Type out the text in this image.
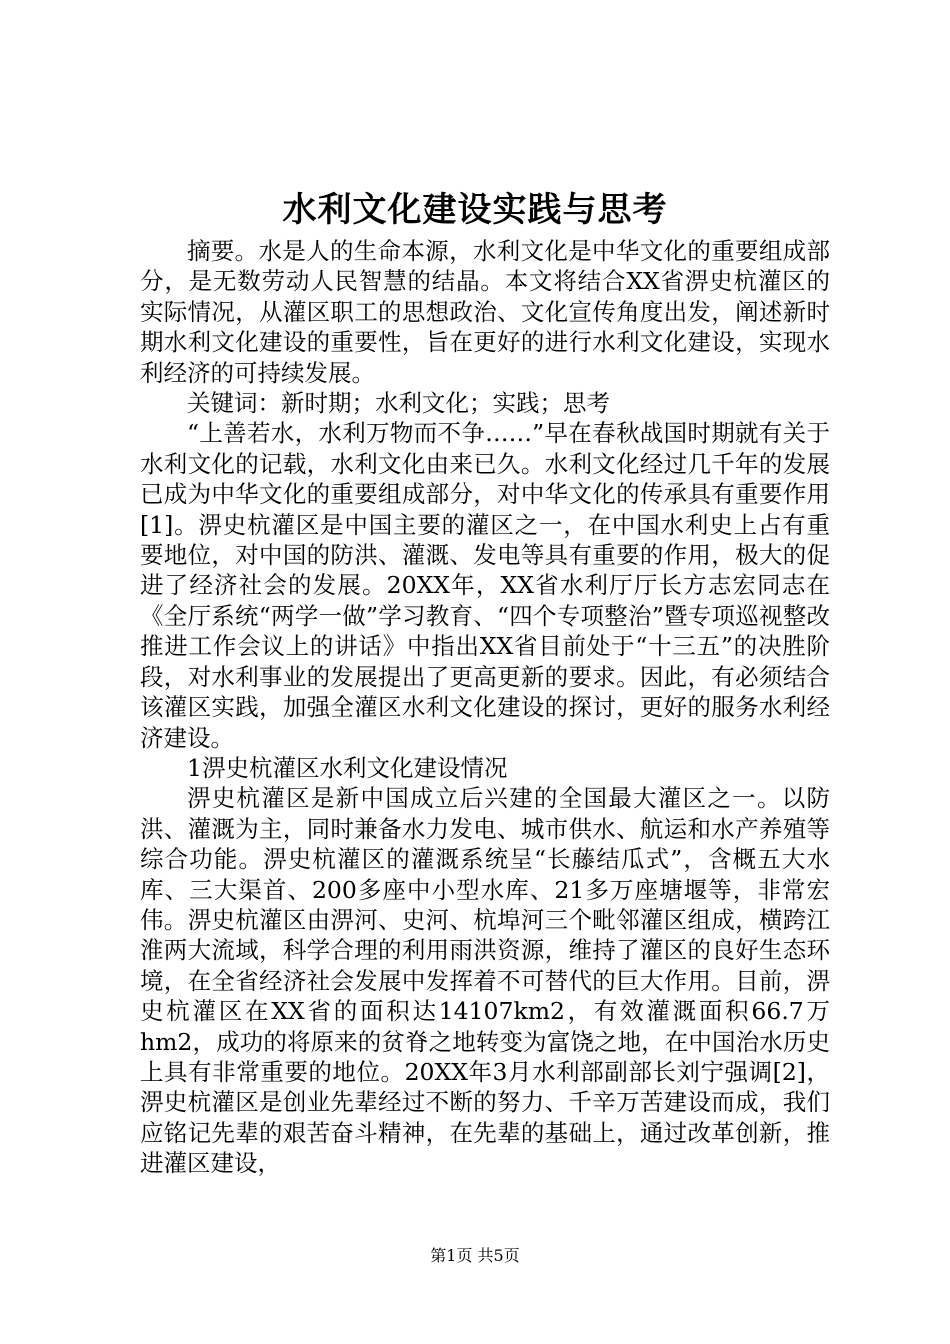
水利文化建设实践与思考

摘要。水是人的生命本源，水利文化是中华文化的重要组成部分，是无数劳动人民智慧的结晶。本文将结合XX省淠史杭灌区的实际情况，从灌区职工的思想政治、文化宣传角度出发，阐述新时期水利文化建设的重要性，旨在更好的进行水利文化建设，实现水利经济的可持续发展。

关键词：新时期；水利文化；实践；思考

“上善若水，水利万物而不争……”早在春秋战国时期就有关于水利文化的记载，水利文化由来已久。水利文化经过几千年的发展已成为中华文化的重要组成部分，对中华文化的传承具有重要作用[1]。淠史杭灌区是中国主要的灌区之一，在中国水利史上占有重要地位，对中国的防洪、灌溉、发电等具有重要的作用，极大的促进了经济社会的发展。20XX年，XX省水利厅厅长方志宏同志在《全厅系统“两学一做”学习教育、“四个专项整治”暨专项巡视整改推进工作会议上的讲话》中指出XX省目前处于“十三五”的决胜阶段，对水利事业的发展提出了更高更新的要求。因此，有必须结合该灌区实践，加强全灌区水利文化建设的探讨，更好的服务水利经济建设。

1淠史杭灌区水利文化建设情况

淠史杭灌区是新中国成立后兴建的全国最大灌区之一。以防洪、灌溉为主，同时兼备水力发电、城市供水、航运和水产养殖等综合功能。淠史杭灌区的灌溉系统呈“长藤结瓜式”，含概五大水库、三大渠首、200多座中小型水库、21多万座塘堰等，非常宏伟。淠史杭灌区由淠河、史河、杭埠河三个毗邻灌区组成，横跨江淮两大流域，科学合理的利用雨洪资源，维持了灌区的良好生态环境，在全省经济社会发展中发挥着不可替代的巨大作用。目前，淠史杭灌区在XX省的面积达14107km2，有效灌溉面积66.7万hm2，成功的将原来的贫脊之地转变为富饶之地，在中国治水历史上具有非常重要的地位。20XX年3月水利部副部长刘宁强调[2]，淠史杭灌区是创业先辈经过不断的努力、千辛万苦建设而成，我们应铭记先辈的艰苦奋斗精神，在先辈的基础上，通过改革创新，推进灌区建设，

第1页 共5页
